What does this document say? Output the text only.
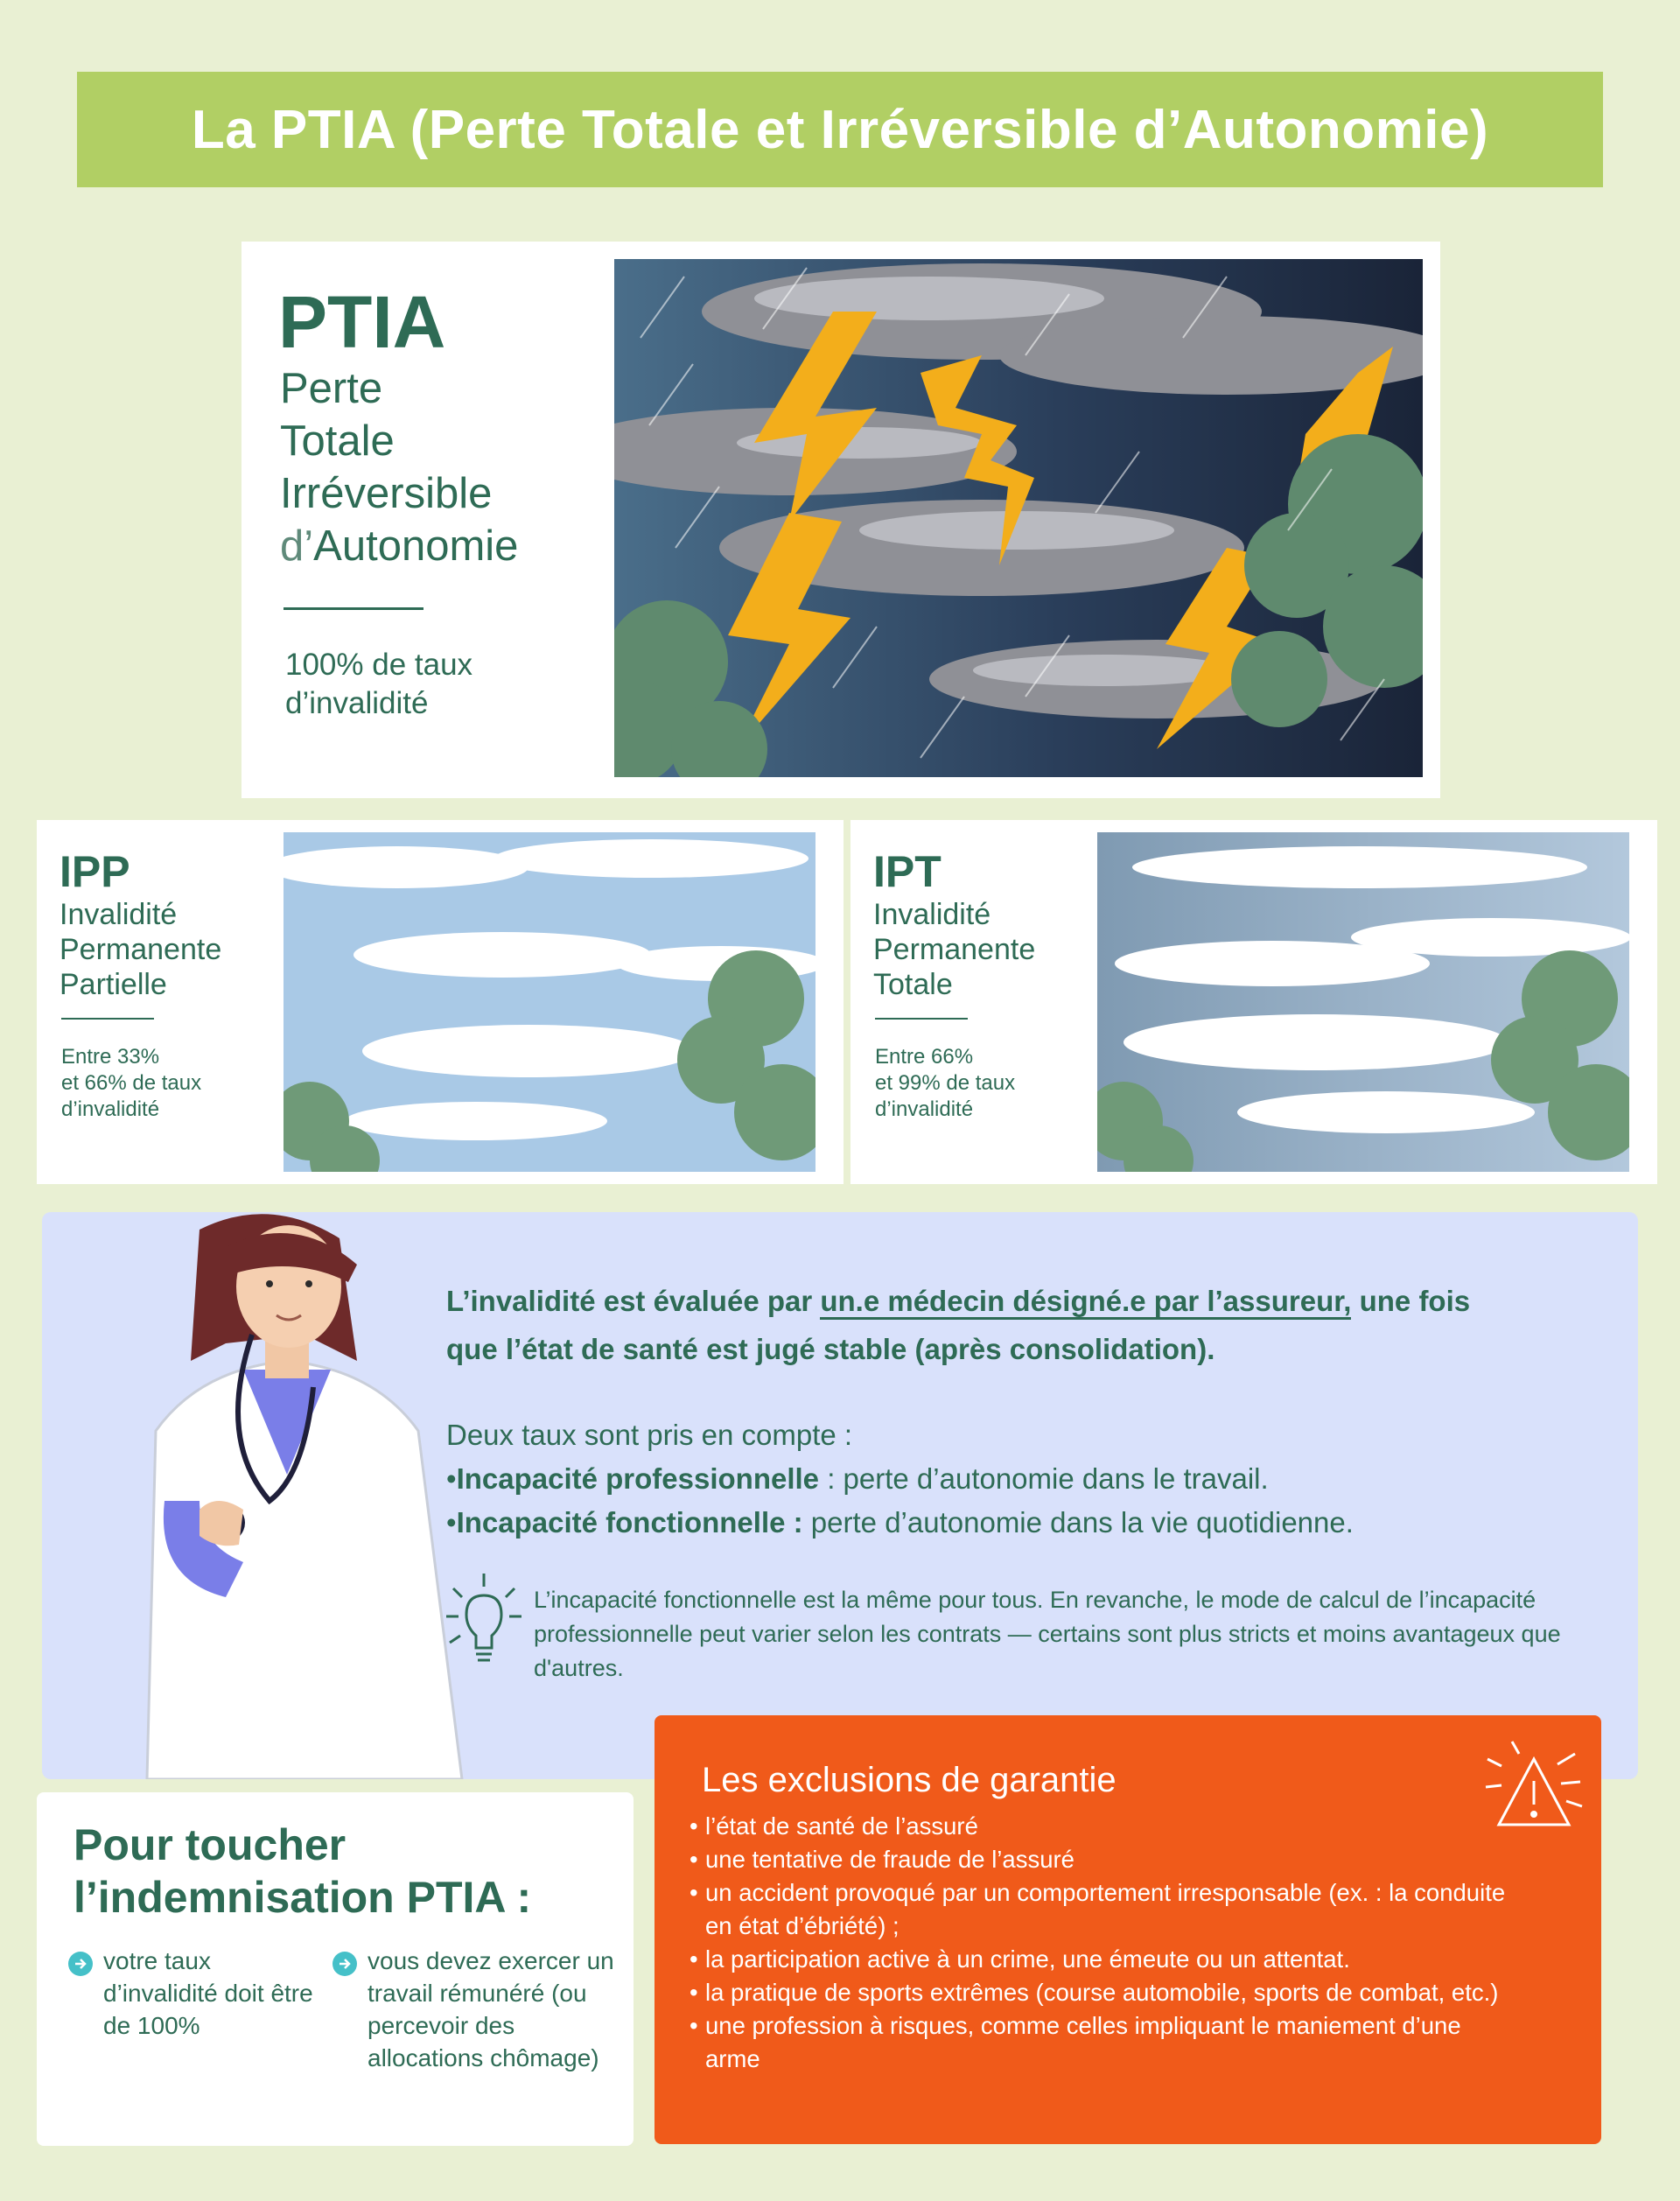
La PTIA (Perte Totale et Irréversible d’Autonomie)
PTIA
Perte
Totale
Irréversible
d’Autonomie
100% de taux d’invalidité
IPP
Invalidité
Permanente
Partielle
Entre 33%
et 66% de taux
d’invalidité
IPT
Invalidité
Permanente
Totale
Entre 66%
et 99% de taux
d’invalidité
L’invalidité est évaluée par un.e médecin désigné.e par l’assureur, une fois que l’état de santé est jugé stable (après consolidation).
Deux taux sont pris en compte :
•Incapacité professionnelle : perte d’autonomie dans le travail.
•Incapacité fonctionnelle : perte d’autonomie dans la vie quotidienne.
L’incapacité fonctionnelle est la même pour tous. En revanche, le mode de calcul de l’incapacité professionnelle peut varier selon les contrats — certains sont plus stricts et moins avantageux que d'autres.
Pour toucher l’indemnisation PTIA :
votre taux d’invalidité doit être de 100%
vous devez exercer un travail rémunéré (ou percevoir des allocations chômage)
Les exclusions de garantie
• l’état de santé de l’assuré
• une tentative de fraude de l’assuré
• un accident provoqué par un comportement irresponsable (ex. : la conduite en état d’ébriété) ;
• la participation active à un crime, une émeute ou un attentat.
• la pratique de sports extrêmes (course automobile, sports de combat, etc.)
• une profession à risques, comme celles impliquant le maniement d’une arme
